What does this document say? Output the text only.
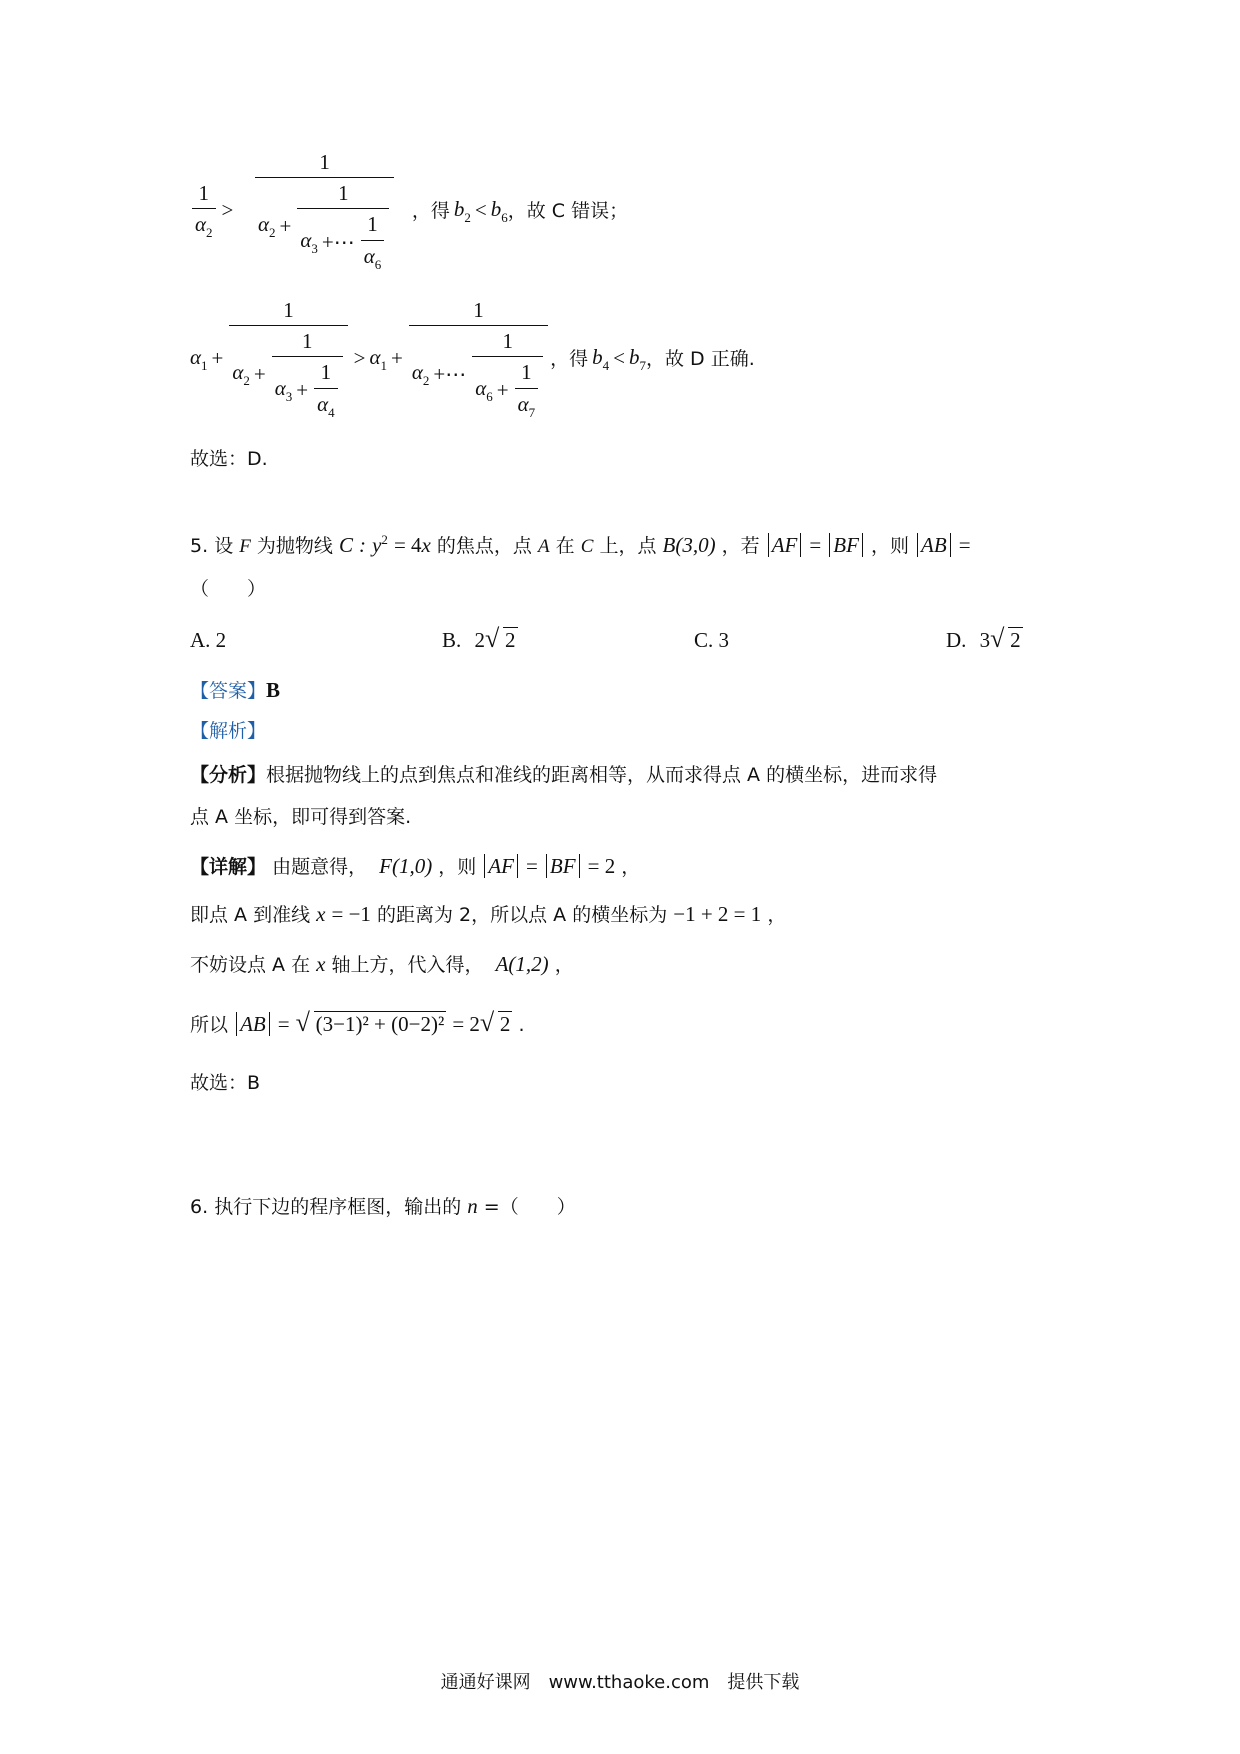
$\frac{1}{\alpha_2}$ >
1
$\alpha_2 + \frac{1}{\alpha_3 +\cdots \frac{1}{\alpha_6}}$ ，得 $b_2 < b_6$ ，故 C 错误；
$\alpha_1 + \frac{1}{\alpha_2 + \frac{1}{\alpha_3 + \frac{1}{\alpha_4}}} > \alpha_1 + \frac{1}{\alpha_2 +\cdots \frac{1}{\alpha_6 + \frac{1}{\alpha_7}}}$ ，得 $b_4 < b_7$ ，故 D 正确.
故选：D.
5. 设 F 为抛物线 C : $y^2 = 4x$ 的焦点，点 A 在 C 上，点 B(3,0) ，若 AF = BF ，则 AB =
（　　）
A. 2	B. 2 √ 2	C. 3	D. 3 √ 2
【答案】B
【解析】
【分析】根据抛物线上的点到焦点和准线的距离相等，从而求得点 A 的横坐标，进而求得
点 A 坐标，即可得到答案.
【详解】 由题意得， F(1,0) ，则 AF = BF = 2 ，
即点 A 到准线 x = −1 的距离为 2，所以点 A 的横坐标为 −1 + 2 = 1 ，
不妨设点 A 在 x 轴上方，代入得， A(1,2) ，
所以 AB = √ (3−1)² + (0−2)² = 2 √ 2 .
故选：B
6. 执行下边的程序框图，输出的 n =（　　）
通通好课网　www.tthaoke.com　提供下载
